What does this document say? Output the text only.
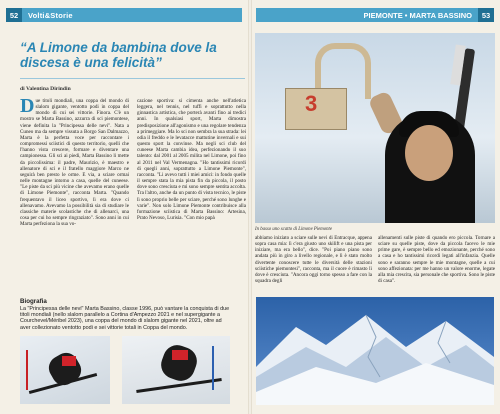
52	Volti&Storie	PIEMONTE • MARTA BASSINO	53
“A Limone da bambina dove la discesa è una felicità”
di Valentina Dirindin
Due titoli mondiali, una coppa del mondo di slalom gigante, ventotto podi in coppa del mondo di cui sei vittorie. Finora. C'è un mostro se Marta Bassino, azzurra di sci piemontese, viene definita la "Principessa delle nevi". Nata a Cuneo ma da sempre vissuta a Borgo San Dalmazzo, Marta è la perfetta voce per raccontare i compromessi sciistici di questo territorio, quelli che l'hanno vista crescere, formare e diventare una campionessa. Gli sci ai piedi, Marta Bassino li mette da piccolissima: il padre, Maurizio, è maestro e allenatore di sci e il fratello maggiore Marco ne seguirà ben presto le orme. E via, a sciare ormai nelle montagne intorno a casa, quelle del cuneese. "Le piste da sci più vicine che avevamo erano quelle di Limone Piemonte", racconta Marta. "Quando frequentavo il liceo sportivo, lì era dove ci allenavamo. Avevamo la possibilità sia di studiare le classiche materie scolastiche che di allenarci, una cosa per cui ho sempre ringraziato". Sono anni in cui Marta perfeziona la sua vo-
cazione sportiva: si cimenta anche nell'atletica leggera, nel tennis, nel tuffi e soprattutto nella ginnastica artistica, che porterà avanti fino ai tredici anni. In qualsiasi sport, Marta dimostra predisposizione all'agonismo e una regolare tendenza a primeggiare. Ma lo sci non sembra la sua strada: lei odia il freddo e le levatacce mattutine invernali e sui questo sport la convinse. Ma negli sci club del cuneese Marta cambia idea, perfezionando il suo talento: dal 2001 al 2005 milita nel Limone, poi fino al 2011 nel Val Vermenagna. "Ho tantissimi ricordi di quegli anni, soprattutto a Limone Piemonte", racconta. "Li avevo tutti i miei amici: in fondo quelle il sempre stata la mia pista fin da piccola, il posto dove sono cresciuta e mi sono sempre sentita accolta. Tra l'altro, anche da un punto di vista tecnico, le piste lì sono proprio belle per sciare, perché sono lunghe e varie". Non solo Limone Piemonte contribuisce alla formazione sciistica di Marta Bassino: Artesina, Prato Nevoso, Lurisia. "Con mio papà
3
In basso uno scatto di Limone Piemonte
abbiamo iniziato a sciare sulle nevi di Entracque, appena sopra casa mia: lì c'era giusto uno skilift e una pista per iniziare, ma era bello", dice. "Poi piano piano sono andata più in giro a livello regionale, e lì è stato molto divertente conoscere tutte le diversità delle stazioni sciistiche piemontesi", racconta, ma il cuore è rimasto lì dove è cresciuta. "Ancora oggi torno spesso a fare con la squadra degli
allenamenti sulle piste di quando ero piccola. Tornare a sciare su quelle piste, dove da piccola facevo le mie prime gare, è sempre bello ed emozionante, perché sono a casa e ho tantissimi ricordi legati all'infanzia. Quelle sono e saranno sempre le mie montagne, quelle a cui sono affezionata: per me hanno un valore enorme, legate alla mia crescita, sia personale che sportiva. Sono le piste di casa".
Biografia
La "Principessa delle nevi" Marta Bassino, classe 1996, può vantare la conquista di due titoli mondiali (nello slalom parallelo a Cortina d'Ampezzo 2021 e nel supergigante a Courchevel/Méribel 2023), una coppa del mondo di slalom gigante nel 2021, oltre ad aver collezionato ventotto podi e sei vittorie totali in Coppa del mondo.
